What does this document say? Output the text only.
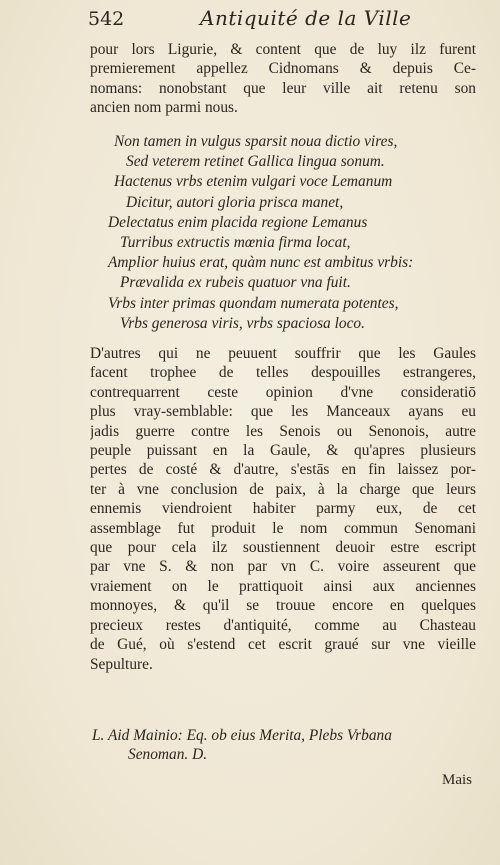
542	Antiquité de la Ville
pour lors Ligurie, & content que de luy ilz furent
premierement appellez Cidnomans & depuis Ce-
nomans: nonobstant que leur ville ait retenu son
ancien nom parmi nous.
Non tamen in vulgus sparsit noua dictio vires,
Sed veterem retinet Gallica lingua sonum.
Hactenus vrbs etenim vulgari voce Lemanum
Dicitur, autori gloria prisca manet,
Delectatus enim placida regione Lemanus
Turribus extructis mœnia firma locat,
Amplior huius erat, quàm nunc est ambitus vrbis:
Prævalida ex rubeis quatuor vna fuit.
Vrbs inter primas quondam numerata potentes,
Vrbs generosa viris, vrbs spaciosa loco.
D'autres qui ne peuuent souffrir que les Gaules
facent trophee de telles despouilles estrangeres,
contrequarrent ceste opinion d'vne consideratiō
plus vray-semblable: que les Manceaux ayans eu
jadis guerre contre les Senois ou Senonois, autre
peuple puissant en la Gaule, & qu'apres plusieurs
pertes de costé & d'autre, s'estās en fin laissez por-
ter à vne conclusion de paix, à la charge que leurs
ennemis viendroient habiter parmy eux, de cet
assemblage fut produit le nom commun Senomani
que pour cela ilz soustiennent deuoir estre escript
par vne S. & non par vn C. voire asseurent que
vraiement on le prattiquoit ainsi aux anciennes
monnoyes, & qu'il se trouue encore en quelques
precieux restes d'antiquité, comme au Chasteau
de Gué, où s'estend cet escrit graué sur vne vieille
Sepulture.
L. Aid Mainio: Eq. ob eius Merita, Plebs Vrbana
Senoman. D.
Mais
